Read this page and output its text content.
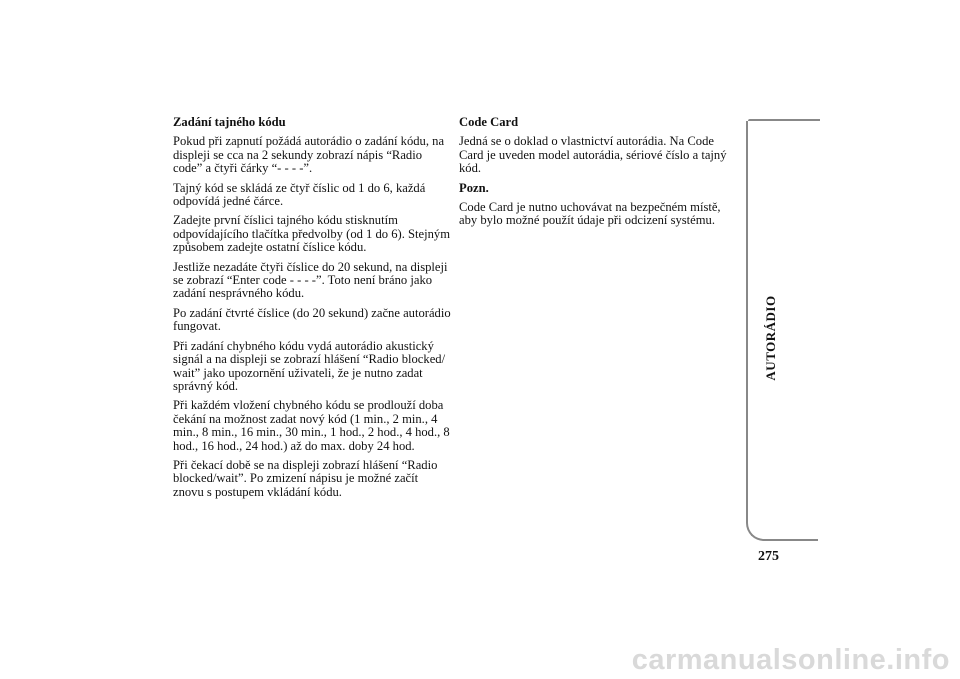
Zadání tajného kódu

Pokud při zapnutí požádá autorádio o zadání kódu, na displeji se cca na 2 sekundy zobrazí nápis “Radio code” a čtyři čárky “- - - -”.

Tajný kód se skládá ze čtyř číslic od 1 do 6, každá odpovídá jedné čárce.

Zadejte první číslici tajného kódu stisknutím odpovídajícího tlačítka předvolby (od 1 do 6). Stejným způsobem zadejte ostatní číslice kódu.

Jestliže nezadáte čtyři číslice do 20 sekund, na displeji se zobrazí “Enter code - - - -”. Toto není bráno jako zadání nesprávného kódu.

Po zadání čtvrté číslice (do 20 sekund) začne autorádio fungovat.

Při zadání chybného kódu vydá autorádio akustický signál a na displeji se zobrazí hlášení “Radio blocked/ wait” jako upozornění uživateli, že je nutno zadat správný kód.

Při každém vložení chybného kódu se prodlouží doba čekání na možnost zadat nový kód (1 min., 2 min., 4 min., 8 min., 16 min., 30 min., 1 hod., 2 hod., 4 hod., 8 hod., 16 hod., 24 hod.) až do max. doby 24 hod.

Při čekací době se na displeji zobrazí hlášení “Radio blocked/wait”. Po zmizení nápisu je možné začít znovu s postupem vkládání kódu.

Code Card

Jedná se o doklad o vlastnictví autorádia. Na Code Card je uveden model autorádia, sériové číslo a tajný kód.

Pozn.

Code Card je nutno uchovávat na bezpečném místě, aby bylo možné použít údaje při odcizení systému.

AUTORÁDIO
275
carmanualsonline.info
